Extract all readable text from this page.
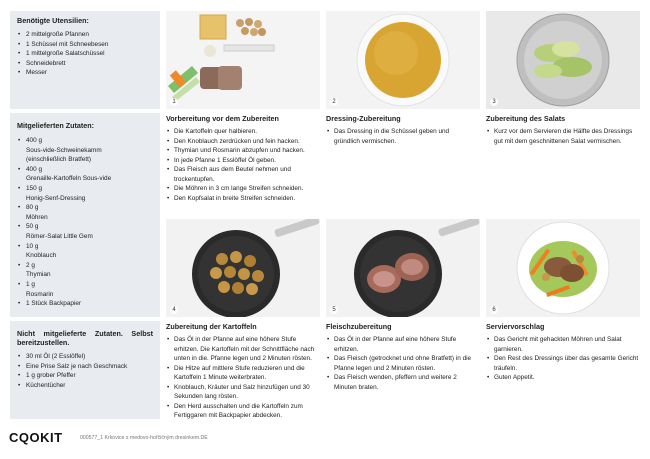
Benötigte Utensilien:
• 2 mittelgroße Pfannen
• 1 Schüssel mit Schneebesen
• 1 mittelgroße Salatschüssel
• Schneidebrett
• Messer
Mitgelieferten Zutaten:
• 400 gSous-vide-Schweinekamm (einschließlich Bratfett)
• 400 gGrenaille-Kartoffeln Sous-vide
• 150 gHonig-Senf-Dressing
• 80 gMöhren
• 50 gRömer-Salat Little Gem
• 10 gKnoblauch
• 2 gThymian
• 1 gRosmarin
• 1 Stück Backpapier
Nicht mitgelieferte Zutaten. Selbst bereitzustellen.
• 30 ml Öl (2 Esslöffel)
• Eine Prise Salz je nach Geschmack
• 1 g grober Pfeffer
• Küchentücher
1	2	3
4	5	6
Vorbereitung vor dem Zubereiten
• Die Kartoffeln quer halbieren.
• Den Knoblauch zerdrücken und fein hacken.
• Thymian und Rosmarin abzupfen und hacken.
• In jede Pfanne 1 Esslöffel Öl geben.
• Das Fleisch aus dem Beutel nehmen und trockentupfen.
• Die Möhren in 3 cm lange Streifen schneiden.
• Den Kopfsalat in breite Streifen schneiden.
Dressing-Zubereitung
• Das Dressing in die Schüssel geben und gründlich vermischen.
Zubereitung des Salats
• Kurz vor dem Servieren die Hälfte des Dressings gut mit dem geschnittenen Salat vermischen.
Zubereitung der Kartoffeln
• Das Öl in der Pfanne auf eine höhere Stufe erhitzen. Die Kartoffeln mit der Schnittfläche nach unten in die. Pfanne legen und 2 Minuten rösten.
• Die Hitze auf mittlere Stufe reduzieren und die Kartoffeln 1 Minute weiterbraten.
• Knoblauch, Kräuter und Salz hinzufügen und 30 Sekunden lang rösten.
• Den Herd ausschalten und die Kartoffeln zum Fertiggaren mit Backpapier abdecken.
Fleischzubereitung
• Das Öl in der Pfanne auf eine höhere Stufe erhitzen.
• Das Fleisch (getrocknet und ohne Bratfett) in die Pfanne legen und 2 Minuten rösten.
• Das Fleisch wenden, pfeffern und weitere 2 Minuten braten.
Serviervorschlag
• Das Gericht mit gehackten Möhren und Salat garnieren.
• Den Rest des Dressings über das gesamte Gericht träufeln.
• Guten Appetit.
CQOKIT	000577_1 Krkovice s medovo-hořčičným dresinkem.DE
